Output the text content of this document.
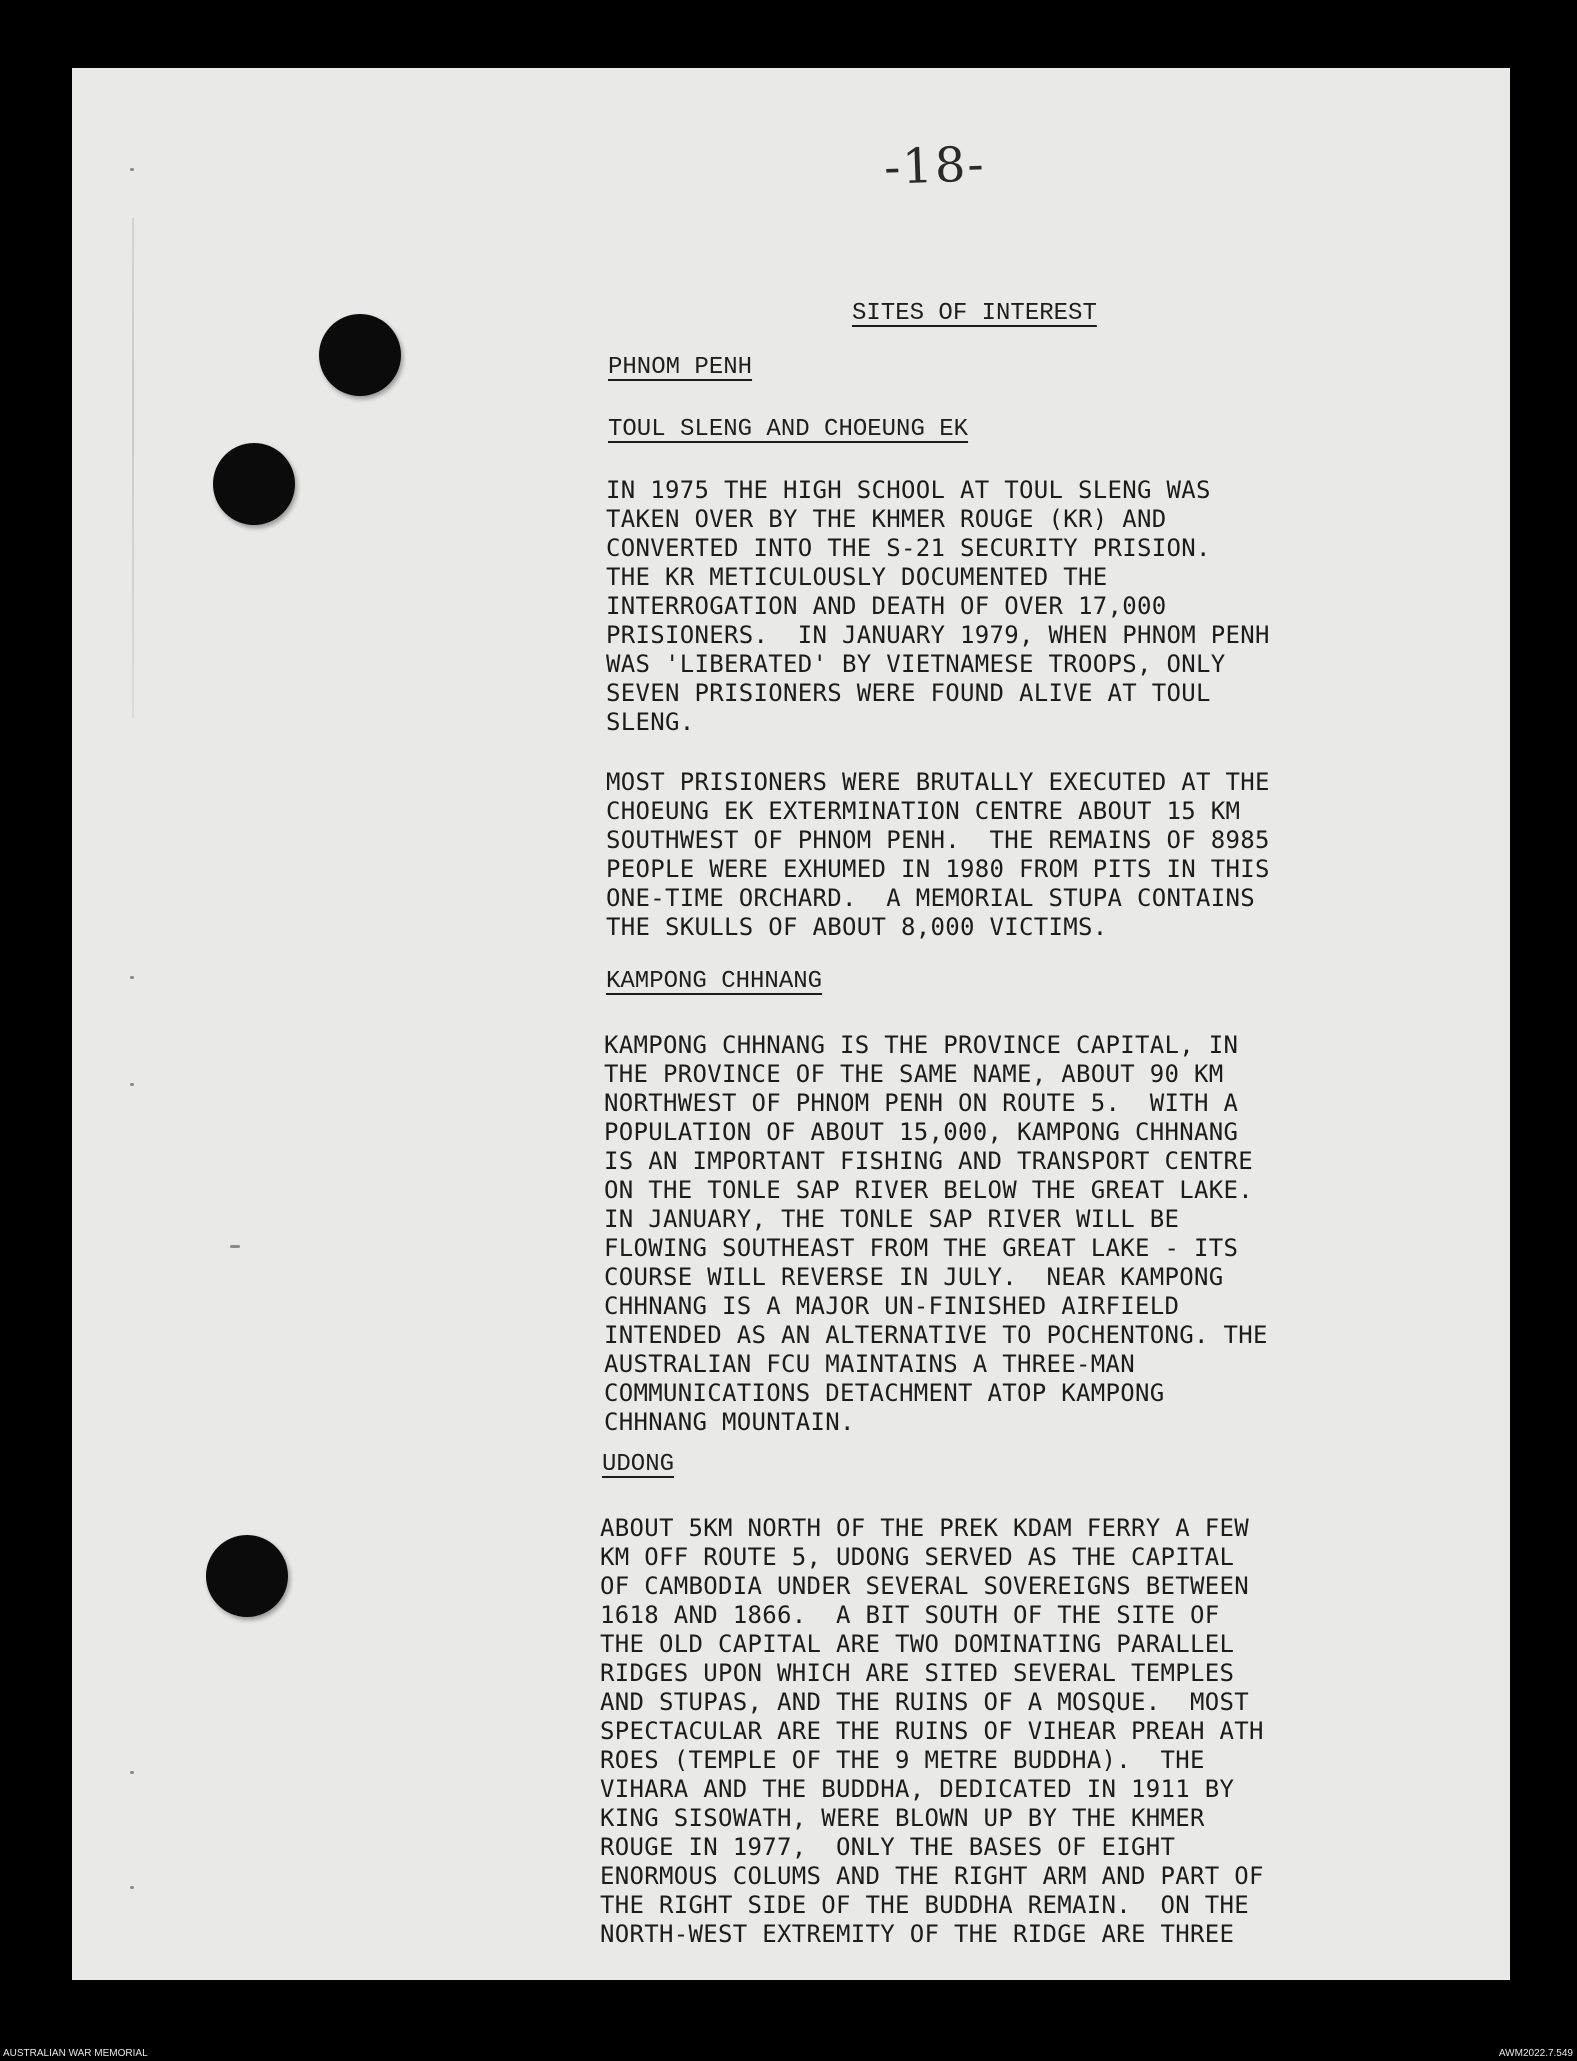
-18-
SITES OF INTEREST
PHNOM PENH
TOUL SLENG AND CHOEUNG EK
IN 1975 THE HIGH SCHOOL AT TOUL SLENG WAS
TAKEN OVER BY THE KHMER ROUGE (KR) AND
CONVERTED INTO THE S-21 SECURITY PRISION.
THE KR METICULOUSLY DOCUMENTED THE
INTERROGATION AND DEATH OF OVER 17,000
PRISIONERS.  IN JANUARY 1979, WHEN PHNOM PENH
WAS 'LIBERATED' BY VIETNAMESE TROOPS, ONLY
SEVEN PRISIONERS WERE FOUND ALIVE AT TOUL
SLENG.
MOST PRISIONERS WERE BRUTALLY EXECUTED AT THE
CHOEUNG EK EXTERMINATION CENTRE ABOUT 15 KM
SOUTHWEST OF PHNOM PENH.  THE REMAINS OF 8985
PEOPLE WERE EXHUMED IN 1980 FROM PITS IN THIS
ONE-TIME ORCHARD.  A MEMORIAL STUPA CONTAINS
THE SKULLS OF ABOUT 8,000 VICTIMS.
KAMPONG CHHNANG
KAMPONG CHHNANG IS THE PROVINCE CAPITAL, IN
THE PROVINCE OF THE SAME NAME, ABOUT 90 KM
NORTHWEST OF PHNOM PENH ON ROUTE 5.  WITH A
POPULATION OF ABOUT 15,000, KAMPONG CHHNANG
IS AN IMPORTANT FISHING AND TRANSPORT CENTRE
ON THE TONLE SAP RIVER BELOW THE GREAT LAKE.
IN JANUARY, THE TONLE SAP RIVER WILL BE
FLOWING SOUTHEAST FROM THE GREAT LAKE - ITS
COURSE WILL REVERSE IN JULY.  NEAR KAMPONG
CHHNANG IS A MAJOR UN-FINISHED AIRFIELD
INTENDED AS AN ALTERNATIVE TO POCHENTONG. THE
AUSTRALIAN FCU MAINTAINS A THREE-MAN
COMMUNICATIONS DETACHMENT ATOP KAMPONG
CHHNANG MOUNTAIN.
UDONG
ABOUT 5KM NORTH OF THE PREK KDAM FERRY A FEW
KM OFF ROUTE 5, UDONG SERVED AS THE CAPITAL
OF CAMBODIA UNDER SEVERAL SOVEREIGNS BETWEEN
1618 AND 1866.  A BIT SOUTH OF THE SITE OF
THE OLD CAPITAL ARE TWO DOMINATING PARALLEL
RIDGES UPON WHICH ARE SITED SEVERAL TEMPLES
AND STUPAS, AND THE RUINS OF A MOSQUE.  MOST
SPECTACULAR ARE THE RUINS OF VIHEAR PREAH ATH
ROES (TEMPLE OF THE 9 METRE BUDDHA).  THE
VIHARA AND THE BUDDHA, DEDICATED IN 1911 BY
KING SISOWATH, WERE BLOWN UP BY THE KHMER
ROUGE IN 1977,  ONLY THE BASES OF EIGHT
ENORMOUS COLUMS AND THE RIGHT ARM AND PART OF
THE RIGHT SIDE OF THE BUDDHA REMAIN.  ON THE
NORTH-WEST EXTREMITY OF THE RIDGE ARE THREE
AUSTRALIAN WAR MEMORIAL	AWM2022.7.549
